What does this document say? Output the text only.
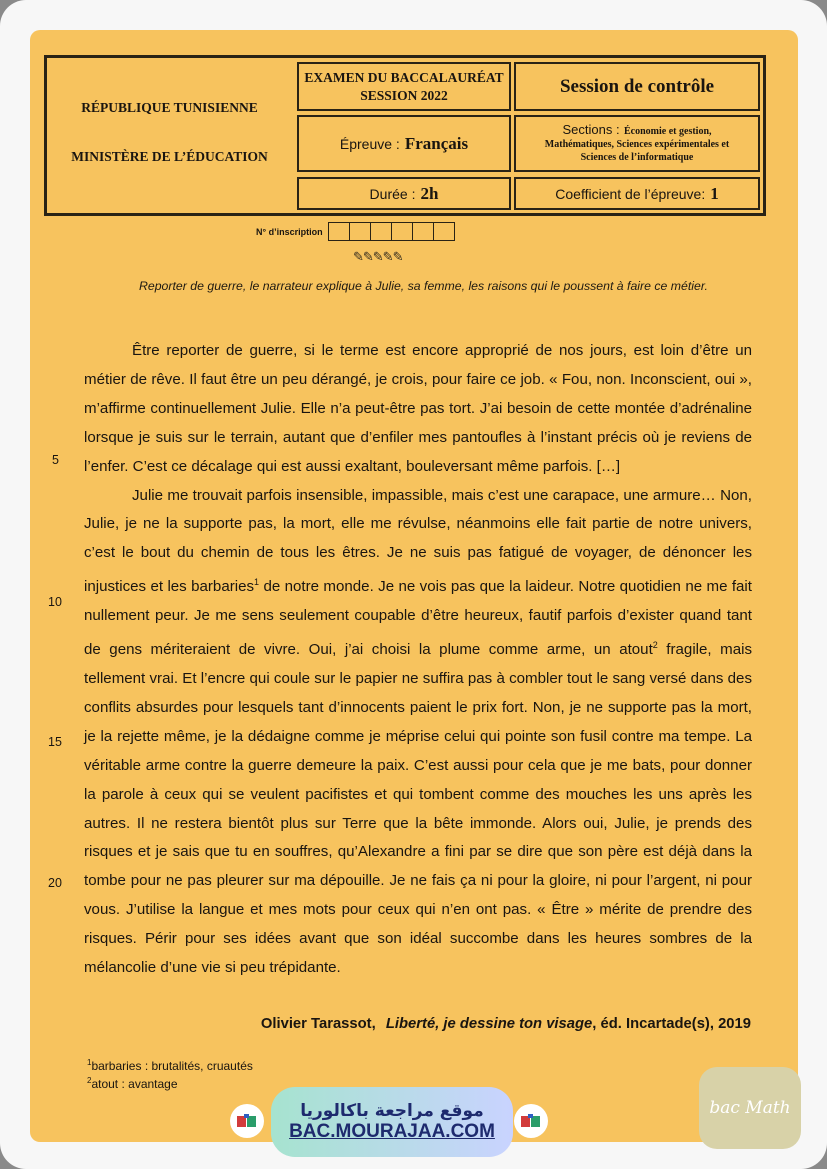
RÉPUBLIQUE TUNISIENNE
MINISTÈRE DE L’ÉDUCATION
EXAMEN DU BACCALAURÉAT
SESSION 2022	Session de contrôle
Épreuve : Français
Sections : Économie et gestion,
Mathématiques, Sciences expérimentales et
Sciences de l’informatique
Durée : 2h	Coefficient de l’épreuve: 1
N° d’inscription
✎✎✎✎✎
Reporter de guerre, le narrateur explique à Julie, sa femme, les raisons qui le poussent à faire ce métier.

Être reporter de guerre, si le terme est encore approprié de nos jours, est loin d’être un métier de rêve. Il faut être un peu dérangé, je crois, pour faire ce job. « Fou, non. Inconscient, oui », m’affirme continuellement Julie. Elle n’a peut-être pas tort. J’ai besoin de cette montée d’adrénaline lorsque je suis sur le terrain, autant que d’enfiler mes pantoufles à l’instant précis où je reviens de l’enfer. C’est ce décalage qui est aussi exaltant, bouleversant même parfois. […]

Julie me trouvait parfois insensible, impassible, mais c’est une carapace, une armure… Non, Julie, je ne la supporte pas, la mort, elle me révulse, néanmoins elle fait partie de notre univers, c’est le bout du chemin de tous les êtres. Je ne suis pas fatigué de voyager, de dénoncer les injustices et les barbaries$^1$ de notre monde. Je ne vois pas que la laideur. Notre quotidien ne me fait nullement peur. Je me sens seulement coupable d’être heureux, fautif parfois d’exister quand tant de gens mériteraient de vivre. Oui, j’ai choisi la plume comme arme, un atout$^2$ fragile, mais tellement vrai. Et l’encre qui coule sur le papier ne suffira pas à combler tout le sang versé dans des conflits absurdes pour lesquels tant d’innocents paient le prix fort. Non, je ne supporte pas la mort, je la rejette même, je la dédaigne comme je méprise celui qui pointe son fusil contre ma tempe. La véritable arme contre la guerre demeure la paix. C’est aussi pour cela que je me bats, pour donner la parole à ceux qui se veulent pacifistes et qui tombent comme des mouches les uns après les autres. Il ne restera bientôt plus sur Terre que la bête immonde. Alors oui, Julie, je prends des risques et je sais que tu en souffres, qu’Alexandre a fini par se dire que son père est déjà dans la tombe pour ne pas pleurer sur ma dépouille. Je ne fais ça ni pour la gloire, ni pour l’argent, ni pour vous. J’utilise la langue et mes mots pour ceux qui n’en ont pas. « Être » mérite de prendre des risques. Périr pour ses idées avant que son idéal succombe dans les heures sombres de la mélancolie d’une vie si peu trépidante.

5
10
15
20
Olivier Tarassot, Liberté, je dessine ton visage, éd. Incartade(s), 2019
$^1$barbaries : brutalités, cruautés
$^2$atout : avantage
موقع مراجعة باكالوريا
BAC.MOURAJAA.COM
bac Math
